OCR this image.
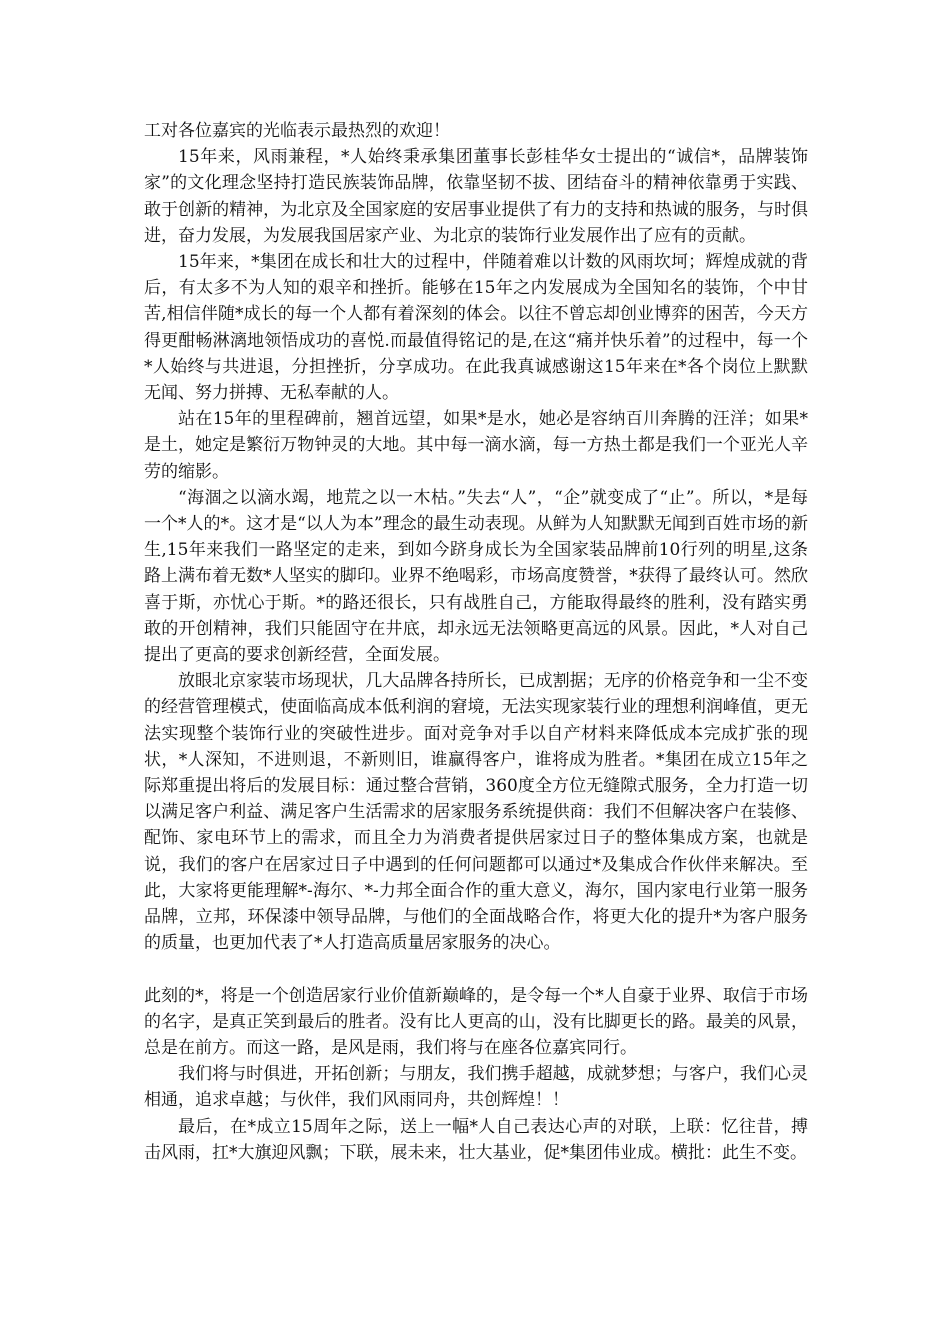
工对各位嘉宾的光临表示最热烈的欢迎！

15年来，风雨兼程，*人始终秉承集团董事长彭桂华女士提出的“诚信*，品牌装饰家”的文化理念坚持打造民族装饰品牌，依靠坚韧不拔、团结奋斗的精神依靠勇于实践、敢于创新的精神，为北京及全国家庭的安居事业提供了有力的支持和热诚的服务，与时俱进，奋力发展，为发展我国居家产业、为北京的装饰行业发展作出了应有的贡献。

15年来，*集团在成长和壮大的过程中，伴随着难以计数的风雨坎坷；辉煌成就的背后，有太多不为人知的艰辛和挫折。能够在15年之内发展成为全国知名的装饰，个中甘苦,相信伴随*成长的每一个人都有着深刻的体会。以往不曾忘却创业博弈的困苦，今天方得更酣畅淋漓地领悟成功的喜悦.而最值得铭记的是,在这“痛并快乐着”的过程中，每一个*人始终与共进退，分担挫折，分享成功。在此我真诚感谢这15年来在*各个岗位上默默无闻、努力拼搏、无私奉献的人。

站在15年的里程碑前，翘首远望，如果*是水，她必是容纳百川奔腾的汪洋；如果*是土，她定是繁衍万物钟灵的大地。其中每一滴水滴，每一方热土都是我们一个亚光人辛劳的缩影。

“海涸之以滴水竭，地荒之以一木枯。”失去“人”，“企”就变成了“止”。所以，*是每一个*人的*。这才是“以人为本”理念的最生动表现。从鲜为人知默默无闻到百姓市场的新生,15年来我们一路坚定的走来，到如今跻身成长为全国家装品牌前10行列的明星,这条路上满布着无数*人坚实的脚印。业界不绝喝彩，市场高度赞誉，*获得了最终认可。然欣喜于斯，亦忧心于斯。*的路还很长，只有战胜自己，方能取得最终的胜利，没有踏实勇敢的开创精神，我们只能固守在井底，却永远无法领略更高远的风景。因此，*人对自己提出了更高的要求创新经营，全面发展。

放眼北京家装市场现状，几大品牌各持所长，已成割据；无序的价格竞争和一尘不变的经营管理模式，使面临高成本低利润的窘境，无法实现家装行业的理想利润峰值，更无法实现整个装饰行业的突破性进步。面对竞争对手以自产材料来降低成本完成扩张的现状，*人深知，不进则退，不新则旧，谁赢得客户，谁将成为胜者。*集团在成立15年之际郑重提出将后的发展目标：通过整合营销，360度全方位无缝隙式服务，全力打造一切以满足客户利益、满足客户生活需求的居家服务系统提供商：我们不但解决客户在装修、配饰、家电环节上的需求，而且全力为消费者提供居家过日子的整体集成方案，也就是说，我们的客户在居家过日子中遇到的任何问题都可以通过*及集成合作伙伴来解决。至此，大家将更能理解*-海尔、*-力邦全面合作的重大意义，海尔，国内家电行业第一服务品牌，立邦，环保漆中领导品牌，与他们的全面战略合作，将更大化的提升*为客户服务的质量，也更加代表了*人打造高质量居家服务的决心。

此刻的*，将是一个创造居家行业价值新巅峰的，是令每一个*人自豪于业界、取信于市场的名字，是真正笑到最后的胜者。没有比人更高的山，没有比脚更长的路。最美的风景，总是在前方。而这一路，是风是雨，我们将与在座各位嘉宾同行。

我们将与时俱进，开拓创新；与朋友，我们携手超越，成就梦想；与客户，我们心灵相通，追求卓越；与伙伴，我们风雨同舟，共创辉煌！！

最后，在*成立15周年之际，送上一幅*人自己表达心声的对联，上联：忆往昔，搏击风雨，扛*大旗迎风飘；下联，展未来，壮大基业，促*集团伟业成。横批：此生不变。
